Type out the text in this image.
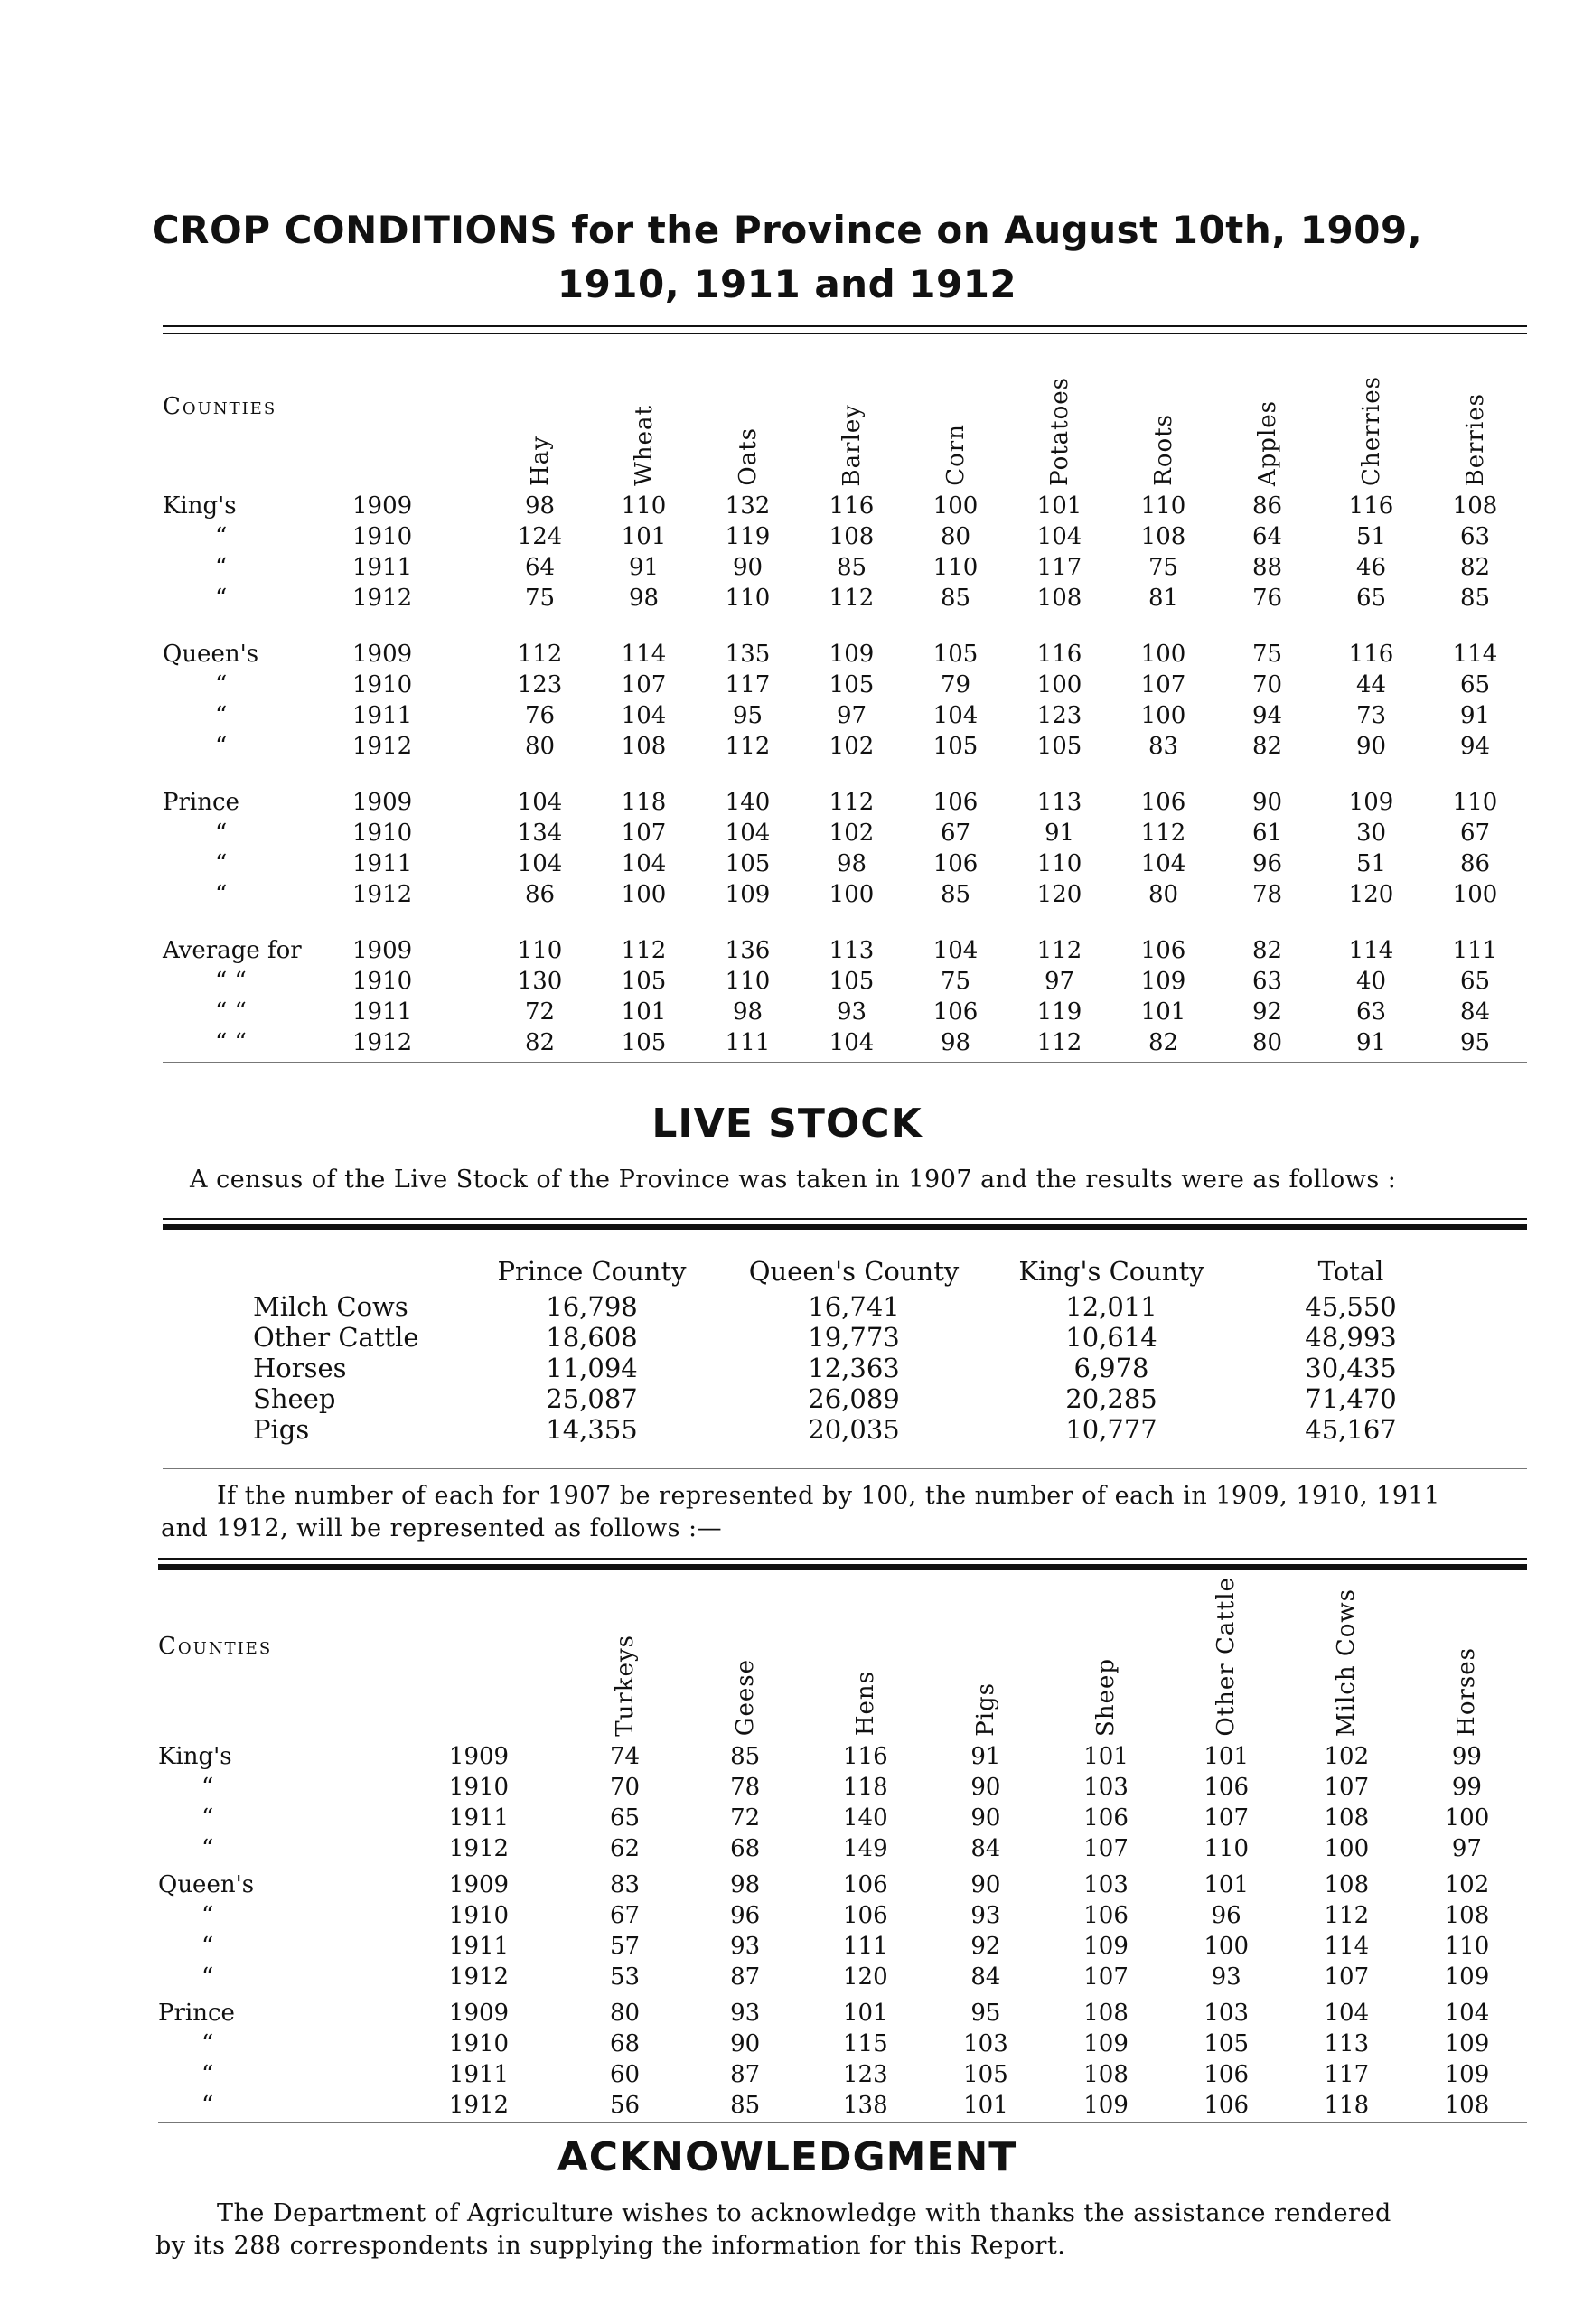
CROP CONDITIONS for the Province on August 10th, 1909,
1910, 1911 and 1912
Counties		Hay	Wheat	Oats	Barley	Corn	Potatoes	Roots	Apples	Cherries	Berries
King's	1909	98	110	132	116	100	101	110	86	116	108
“	1910	124	101	119	108	80	104	108	64	51	63
“	1911	64	91	90	85	110	117	75	88	46	82
“	1912	75	98	110	112	85	108	81	76	65	85
Queen's	1909	112	114	135	109	105	116	100	75	116	114
“	1910	123	107	117	105	79	100	107	70	44	65
“	1911	76	104	95	97	104	123	100	94	73	91
“	1912	80	108	112	102	105	105	83	82	90	94
Prince	1909	104	118	140	112	106	113	106	90	109	110
“	1910	134	107	104	102	67	91	112	61	30	67
“	1911	104	104	105	98	106	110	104	96	51	86
“	1912	86	100	109	100	85	120	80	78	120	100
Average for	1909	110	112	136	113	104	112	106	82	114	111
“ “	1910	130	105	110	105	75	97	109	63	40	65
“ “	1911	72	101	98	93	106	119	101	92	63	84
“ “	1912	82	105	111	104	98	112	82	80	91	95
LIVE STOCK
A census of the Live Stock of the Province was taken in 1907 and the results were as follows :
	Prince County	Queen's County	King's County	Total
Milch Cows	16,798	16,741	12,011	45,550
Other Cattle	18,608	19,773	10,614	48,993
Horses	11,094	12,363	6,978	30,435
Sheep	25,087	26,089	20,285	71,470
Pigs	14,355	20,035	10,777	45,167
If the number of each for 1907 be represented by 100, the number of each in 1909, 1910, 1911
and 1912, will be represented as follows :—
Counties		Turkeys	Geese	Hens	Pigs	Sheep	Other Cattle	Milch Cows	Horses
King's	1909	74	85	116	91	101	101	102	99
“	1910	70	78	118	90	103	106	107	99
“	1911	65	72	140	90	106	107	108	100
“	1912	62	68	149	84	107	110	100	97
Queen's	1909	83	98	106	90	103	101	108	102
“	1910	67	96	106	93	106	96	112	108
“	1911	57	93	111	92	109	100	114	110
“	1912	53	87	120	84	107	93	107	109
Prince	1909	80	93	101	95	108	103	104	104
“	1910	68	90	115	103	109	105	113	109
“	1911	60	87	123	105	108	106	117	109
“	1912	56	85	138	101	109	106	118	108
ACKNOWLEDGMENT
The Department of Agriculture wishes to acknowledge with thanks the assistance rendered
by its 288 correspondents in supplying the information for this Report.
